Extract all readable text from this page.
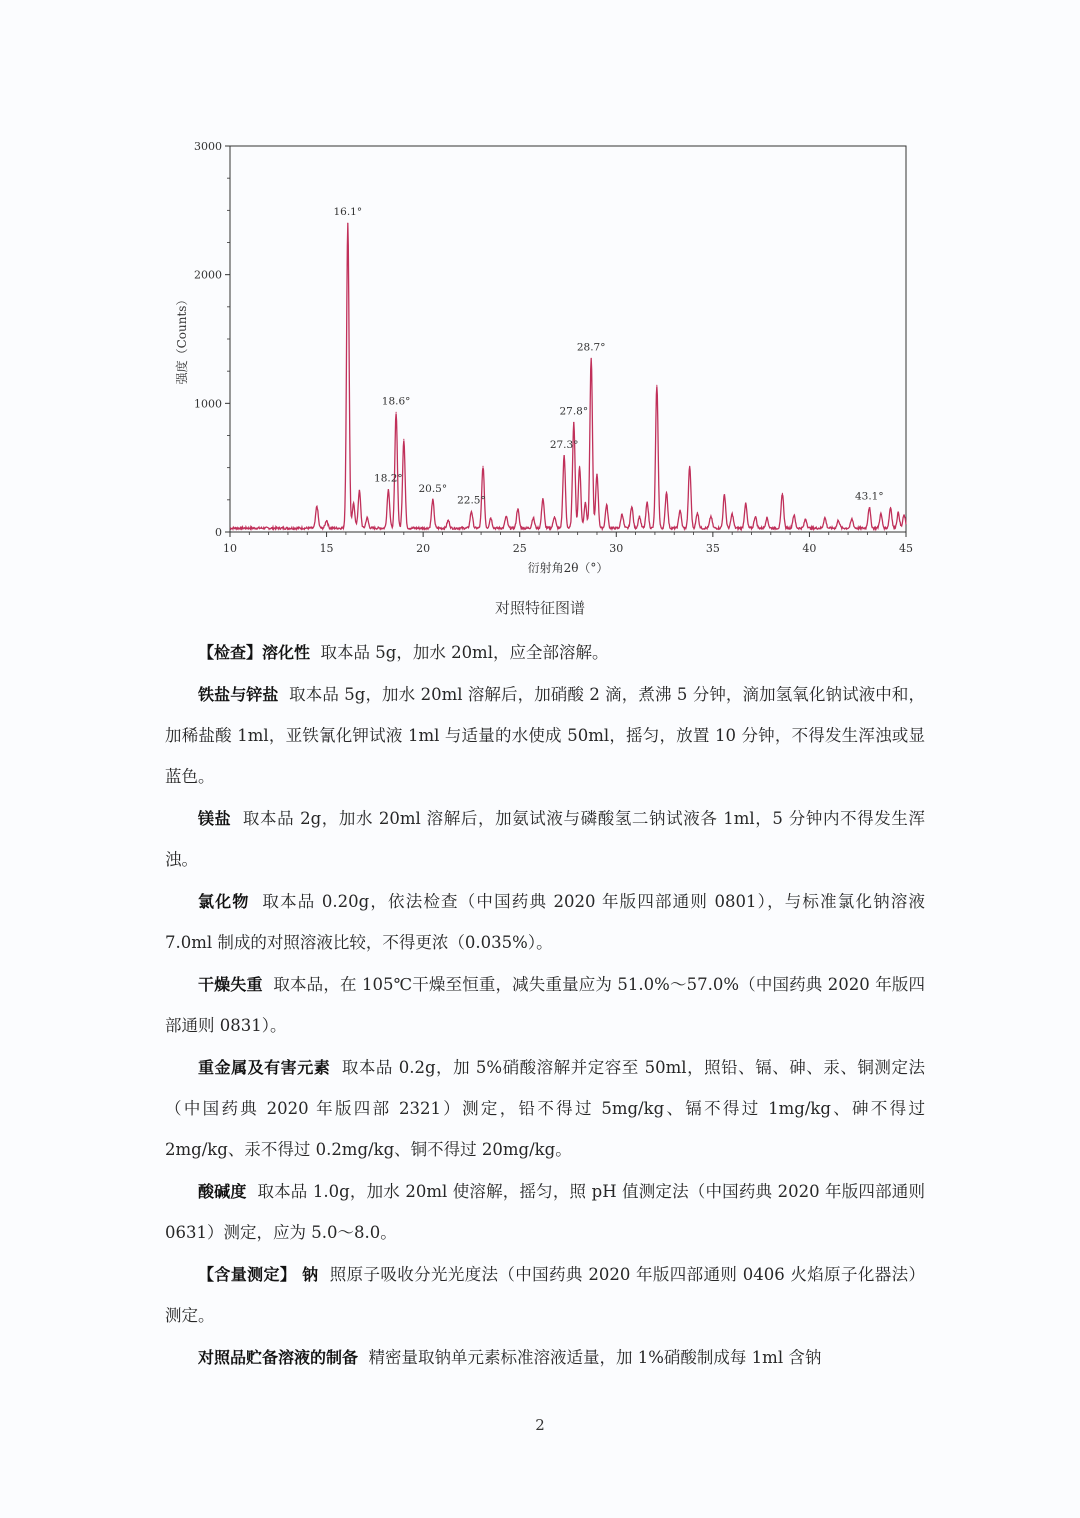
0
1000
2000
3000
10	15	20	25	30	35	40	45
衍射角2θ（°）
强度（Counts）
16.1°
18.2°
18.6°
20.5°
22.5°
27.3°
27.8°
28.7°
43.1°
对照特征图谱

【检查】溶化性 取本品 5g，加水 20ml，应全部溶解。

铁盐与锌盐 取本品 5g，加水 20ml 溶解后，加硝酸 2 滴，煮沸 5 分钟，滴加氢氧化钠试液中和，加稀盐酸 1ml，亚铁氰化钾试液 1ml 与适量的水使成 50ml，摇匀，放置 10 分钟，不得发生浑浊或显蓝色。

镁盐 取本品 2g，加水 20ml 溶解后，加氨试液与磷酸氢二钠试液各 1ml，5 分钟内不得发生浑浊。

氯化物 取本品 0.20g，依法检查（中国药典 2020 年版四部通则 0801），与标准氯化钠溶液 7.0ml 制成的对照溶液比较，不得更浓（0.035%）。

干燥失重 取本品，在 105℃干燥至恒重，减失重量应为 51.0%～57.0%（中国药典 2020 年版四部通则 0831）。

重金属及有害元素 取本品 0.2g，加 5%硝酸溶解并定容至 50ml，照铅、镉、砷、汞、铜测定法（中国药典 2020 年版四部 2321）测定，铅不得过 5mg/kg、镉不得过 1mg/kg、砷不得过 2mg/kg、汞不得过 0.2mg/kg、铜不得过 20mg/kg。

酸碱度 取本品 1.0g，加水 20ml 使溶解，摇匀，照 pH 值测定法（中国药典 2020 年版四部通则 0631）测定，应为 5.0～8.0。

【含量测定】 钠 照原子吸收分光光度法（中国药典 2020 年版四部通则 0406 火焰原子化器法）测定。

对照品贮备溶液的制备 精密量取钠单元素标准溶液适量，加 1%硝酸制成每 1ml 含钠

2
